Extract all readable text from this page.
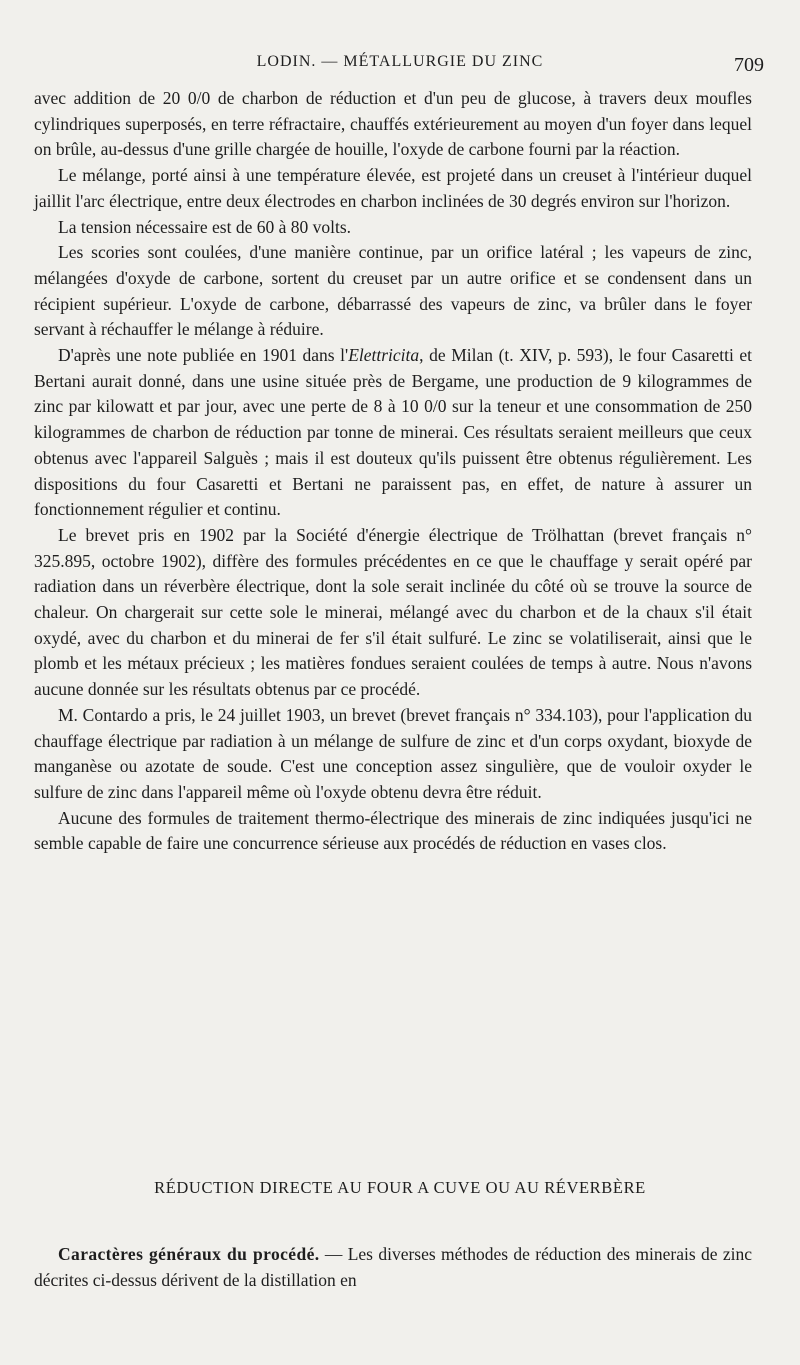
LODIN. — MÉTALLURGIE DU ZINC	709

avec addition de 20 0/0 de charbon de réduction et d'un peu de glucose, à travers deux moufles cylindriques superposés, en terre réfractaire, chauffés extérieurement au moyen d'un foyer dans lequel on brûle, au-dessus d'une grille chargée de houille, l'oxyde de carbone fourni par la réaction.

Le mélange, porté ainsi à une température élevée, est projeté dans un creuset à l'intérieur duquel jaillit l'arc électrique, entre deux électrodes en charbon inclinées de 30 degrés environ sur l'horizon.

La tension nécessaire est de 60 à 80 volts.

Les scories sont coulées, d'une manière continue, par un orifice latéral ; les vapeurs de zinc, mélangées d'oxyde de carbone, sortent du creuset par un autre orifice et se condensent dans un récipient supérieur. L'oxyde de carbone, débarrassé des vapeurs de zinc, va brûler dans le foyer servant à réchauffer le mélange à réduire.

D'après une note publiée en 1901 dans l'Elettricita, de Milan (t. XIV, p. 593), le four Casaretti et Bertani aurait donné, dans une usine située près de Bergame, une production de 9 kilogrammes de zinc par kilowatt et par jour, avec une perte de 8 à 10 0/0 sur la teneur et une consommation de 250 kilogrammes de charbon de réduction par tonne de minerai. Ces résultats seraient meilleurs que ceux obtenus avec l'appareil Salguès ; mais il est douteux qu'ils puissent être obtenus régulièrement. Les dispositions du four Casaretti et Bertani ne paraissent pas, en effet, de nature à assurer un fonctionnement régulier et continu.

Le brevet pris en 1902 par la Société d'énergie électrique de Trölhattan (brevet français n° 325.895, octobre 1902), diffère des formules précédentes en ce que le chauffage y serait opéré par radiation dans un réverbère électrique, dont la sole serait inclinée du côté où se trouve la source de chaleur. On chargerait sur cette sole le minerai, mélangé avec du charbon et de la chaux s'il était oxydé, avec du charbon et du minerai de fer s'il était sulfuré. Le zinc se volatiliserait, ainsi que le plomb et les métaux précieux ; les matières fondues seraient coulées de temps à autre. Nous n'avons aucune donnée sur les résultats obtenus par ce procédé.

M. Contardo a pris, le 24 juillet 1903, un brevet (brevet français n° 334.103), pour l'application du chauffage électrique par radiation à un mélange de sulfure de zinc et d'un corps oxydant, bioxyde de manganèse ou azotate de soude. C'est une conception assez singulière, que de vouloir oxyder le sulfure de zinc dans l'appareil même où l'oxyde obtenu devra être réduit.

Aucune des formules de traitement thermo-électrique des minerais de zinc indiquées jusqu'ici ne semble capable de faire une concurrence sérieuse aux procédés de réduction en vases clos.

RÉDUCTION DIRECTE AU FOUR A CUVE OU AU RÉVERBÈRE

Caractères généraux du procédé. — Les diverses méthodes de réduction des minerais de zinc décrites ci-dessus dérivent de la distillation en
